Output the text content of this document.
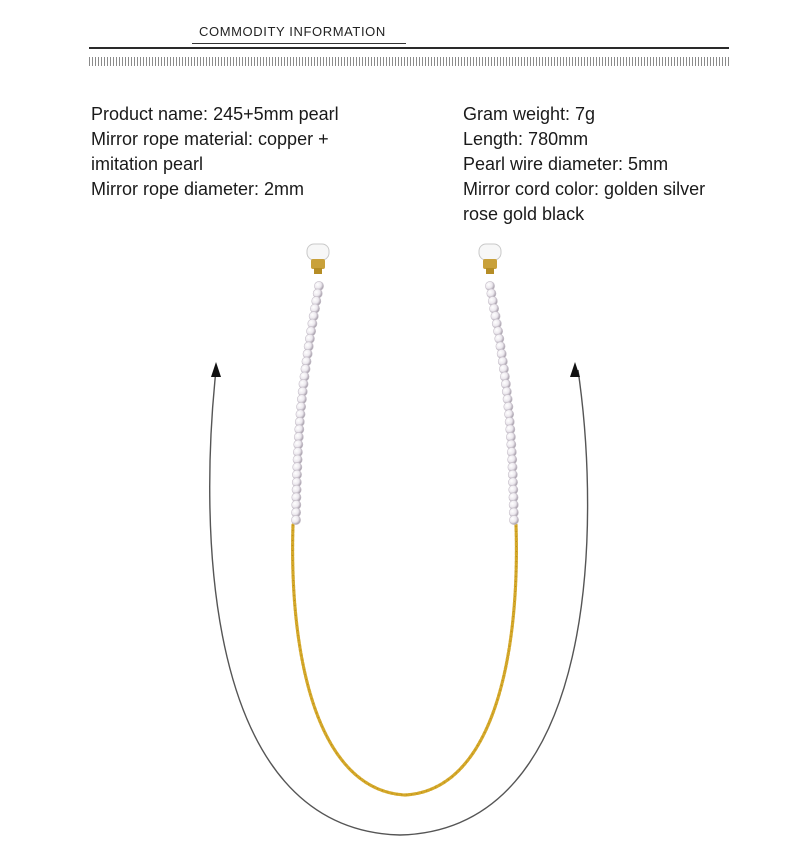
COMMODITY INFORMATION
Product name: 245+5mm pearl
Mirror rope material: copper +
imitation pearl
Mirror rope diameter: 2mm
Gram weight: 7g
Length: 780mm
Pearl wire diameter: 5mm
Mirror cord color: golden silver
rose gold black
